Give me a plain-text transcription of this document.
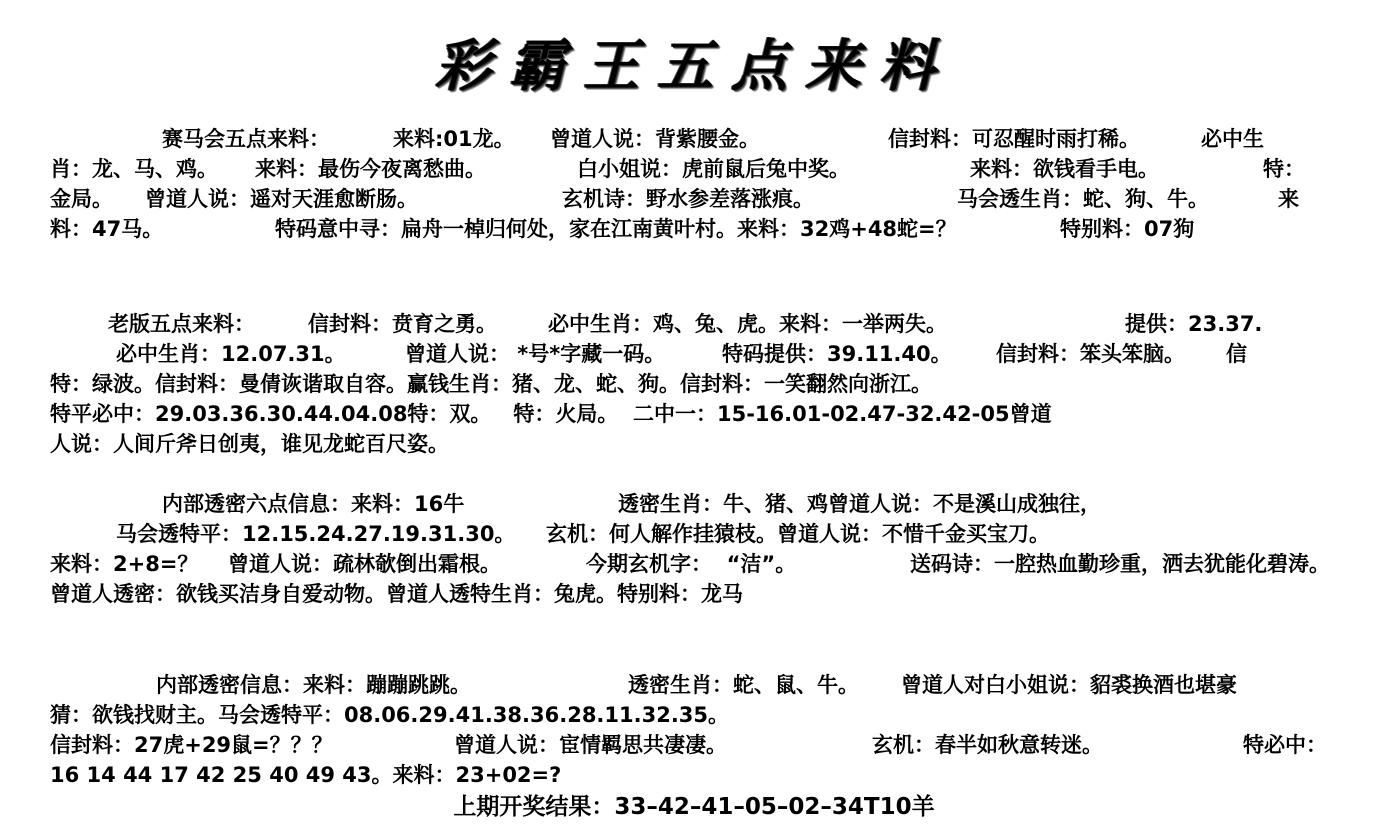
彩霸王五点来料
赛马会五点来料：	来料:01龙。 曾道人说：背紫腰金。	信封料：可忍醒时雨打稀。	必中生
肖：龙、马、鸡。 来料：最伤今夜离愁曲。	白小姐说：虎前鼠后兔中奖。	来料：欲钱看手电。	特：
金局。 曾道人说：遥对天涯愈断肠。	玄机诗：野水参差落涨痕。	马会透生肖：蛇、狗、牛。	来
料：47马。	特码意中寻：扁舟一棹归何处，家在江南黄叶村。来料：32鸡+48蛇=？	特别料：07狗
老版五点来料：	信封料：贲育之勇。 必中生肖：鸡、兔、虎。来料：一举两失。	提供：23.37.
必中生肖：12.07.31。	曾道人说： *号*字藏一码。	特码提供：39.11.40。 信封料：笨头笨脑。 信
特：绿波。信封料：曼倩诙谐取自容。赢钱生肖：猪、龙、蛇、狗。信封料：一笑翻然向浙江。
特平必中：29.03.36.30.44.04.08特：双。   特：火局。  二中一：15-16.01-02.47-32.42-05曾道
人说：人间斤斧日创夷，谁见龙蛇百尺姿。
内部透密六点信息：来料：16牛	透密生肖：牛、猪、鸡曾道人说：不是溪山成独往，
马会透特平：12.15.24.27.19.31.30。 玄机：何人解作挂猿枝。曾道人说：不惜千金买宝刀。
来料：2+8=？ 曾道人说：疏林欹倒出霜根。	今期玄机字：  “洁”。	送码诗：一腔热血勤珍重，洒去犹能化碧涛。
曾道人透密：欲钱买洁身自爱动物。曾道人透特生肖：兔虎。特别料：龙马
内部透密信息：来料：蹦蹦跳跳。	透密生肖：蛇、鼠、牛。 曾道人对白小姐说：貂裘换酒也堪豪
猜：欲钱找财主。马会透特平：08.06.29.41.38.36.28.11.32.35。
信封料：27虎+29鼠=？？？	曾道人说：宦情羁思共凄凄。	玄机：春半如秋意转迷。	特必中：
16 14 44 17 42 25 40 49 43。来料：23+02=?
上期开奖结果：33–42–41–05–02–34T10羊
